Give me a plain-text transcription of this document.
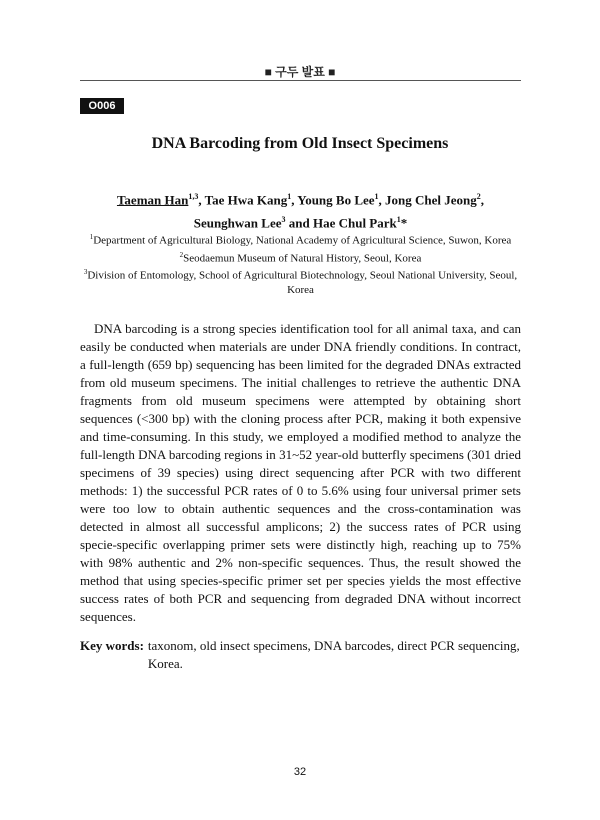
■ 구두 발표 ■
O006
DNA Barcoding from Old Insect Specimens
Taeman Han$^{1,3}$, Tae Hwa Kang$^1$, Young Bo Lee$^1$, Jong Chel Jeong$^2$,
Seunghwan Lee$^3$ and Hae Chul Park$^1$*
$^1$Department of Agricultural Biology, National Academy of Agricultural Science, Suwon, Korea
$^2$Seodaemun Museum of Natural History, Seoul, Korea
$^3$Division of Entomology, School of Agricultural Biotechnology, Seoul National University, Seoul, Korea

DNA barcoding is a strong species identification tool for all animal taxa, and can easily be conducted when materials are under DNA friendly conditions. In contract, a full-length (659 bp) sequencing has been limited for the degraded DNAs extracted from old museum specimens. The initial challenges to retrieve the authentic DNA fragments from old museum specimens were attempted by obtaining short sequences (<300 bp) with the cloning process after PCR, making it both expensive and time-consuming. In this study, we employed a modified method to analyze the full-length DNA barcoding regions in 31~52 year-old butterfly specimens (301 dried specimens of 39 species) using direct sequencing after PCR with two different methods: 1) the successful PCR rates of 0 to 5.6% using four universal primer sets were too low to obtain authentic sequences and the cross-contamination was detected in almost all successful amplicons; 2) the success rates of PCR using specie-specific overlapping primer sets were distinctly high, reaching up to 75% with 98% authentic and 2% non-specific sequences. Thus, the result showed the method that using species-specific primer set per species yields the most effective success rates of both PCR and sequencing from degraded DNA without incorrect sequences.

Key words: taxonom, old insect specimens, DNA barcodes, direct PCR sequencing, Korea.
32
